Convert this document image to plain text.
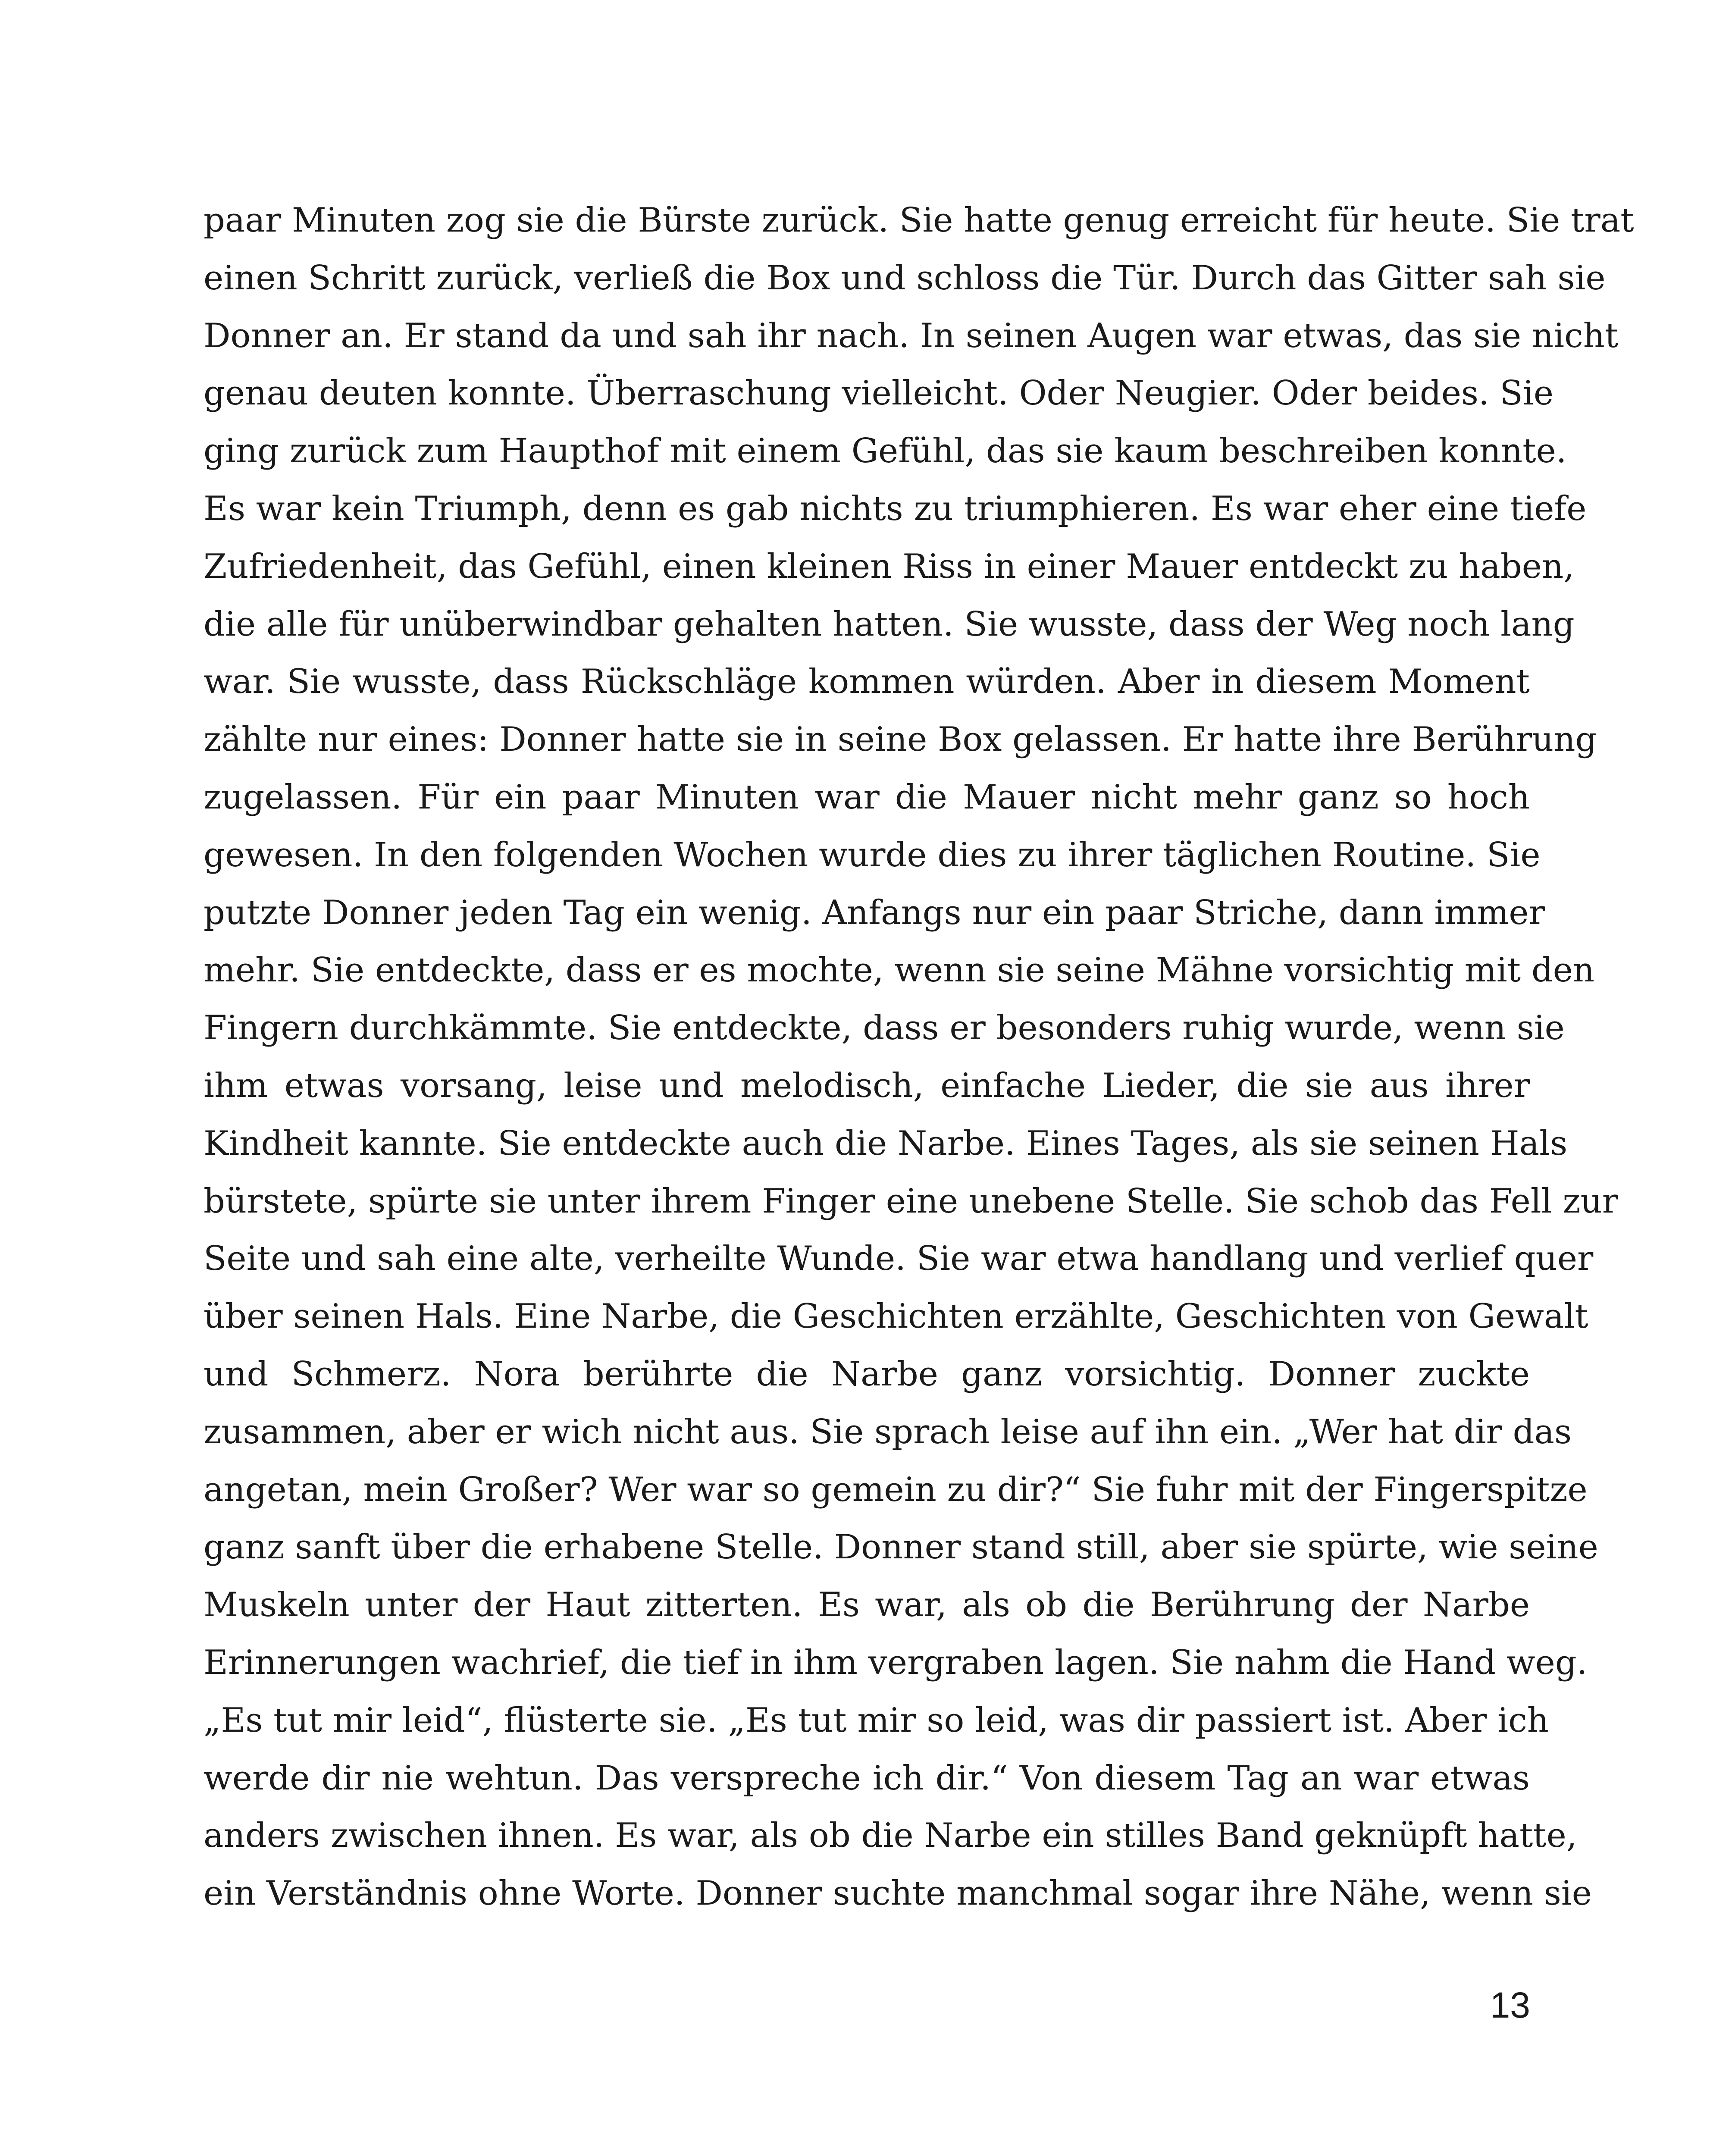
paar Minuten zog sie die Bürste zurück. Sie hatte genug erreicht für heute. Sie trat
einen Schritt zurück, verließ die Box und schloss die Tür. Durch das Gitter sah sie
Donner an. Er stand da und sah ihr nach. In seinen Augen war etwas, das sie nicht
genau deuten konnte. Überraschung vielleicht. Oder Neugier. Oder beides. Sie
ging zurück zum Haupthof mit einem Gefühl, das sie kaum beschreiben konnte.
Es war kein Triumph, denn es gab nichts zu triumphieren. Es war eher eine tiefe
Zufriedenheit, das Gefühl, einen kleinen Riss in einer Mauer entdeckt zu haben,
die alle für unüberwindbar gehalten hatten. Sie wusste, dass der Weg noch lang
war. Sie wusste, dass Rückschläge kommen würden. Aber in diesem Moment
zählte nur eines: Donner hatte sie in seine Box gelassen. Er hatte ihre Berührung
zugelassen. Für ein paar Minuten war die Mauer nicht mehr ganz so hoch
gewesen. In den folgenden Wochen wurde dies zu ihrer täglichen Routine. Sie
putzte Donner jeden Tag ein wenig. Anfangs nur ein paar Striche, dann immer
mehr. Sie entdeckte, dass er es mochte, wenn sie seine Mähne vorsichtig mit den
Fingern durchkämmte. Sie entdeckte, dass er besonders ruhig wurde, wenn sie
ihm etwas vorsang, leise und melodisch, einfache Lieder, die sie aus ihrer
Kindheit kannte. Sie entdeckte auch die Narbe. Eines Tages, als sie seinen Hals
bürstete, spürte sie unter ihrem Finger eine unebene Stelle. Sie schob das Fell zur
Seite und sah eine alte, verheilte Wunde. Sie war etwa handlang und verlief quer
über seinen Hals. Eine Narbe, die Geschichten erzählte, Geschichten von Gewalt
und Schmerz. Nora berührte die Narbe ganz vorsichtig. Donner zuckte
zusammen, aber er wich nicht aus. Sie sprach leise auf ihn ein. „Wer hat dir das
angetan, mein Großer? Wer war so gemein zu dir?“ Sie fuhr mit der Fingerspitze
ganz sanft über die erhabene Stelle. Donner stand still, aber sie spürte, wie seine
Muskeln unter der Haut zitterten. Es war, als ob die Berührung der Narbe
Erinnerungen wachrief, die tief in ihm vergraben lagen. Sie nahm die Hand weg.
„Es tut mir leid“, flüsterte sie. „Es tut mir so leid, was dir passiert ist. Aber ich
werde dir nie wehtun. Das verspreche ich dir.“ Von diesem Tag an war etwas
anders zwischen ihnen. Es war, als ob die Narbe ein stilles Band geknüpft hatte,
ein Verständnis ohne Worte. Donner suchte manchmal sogar ihre Nähe, wenn sie
13
